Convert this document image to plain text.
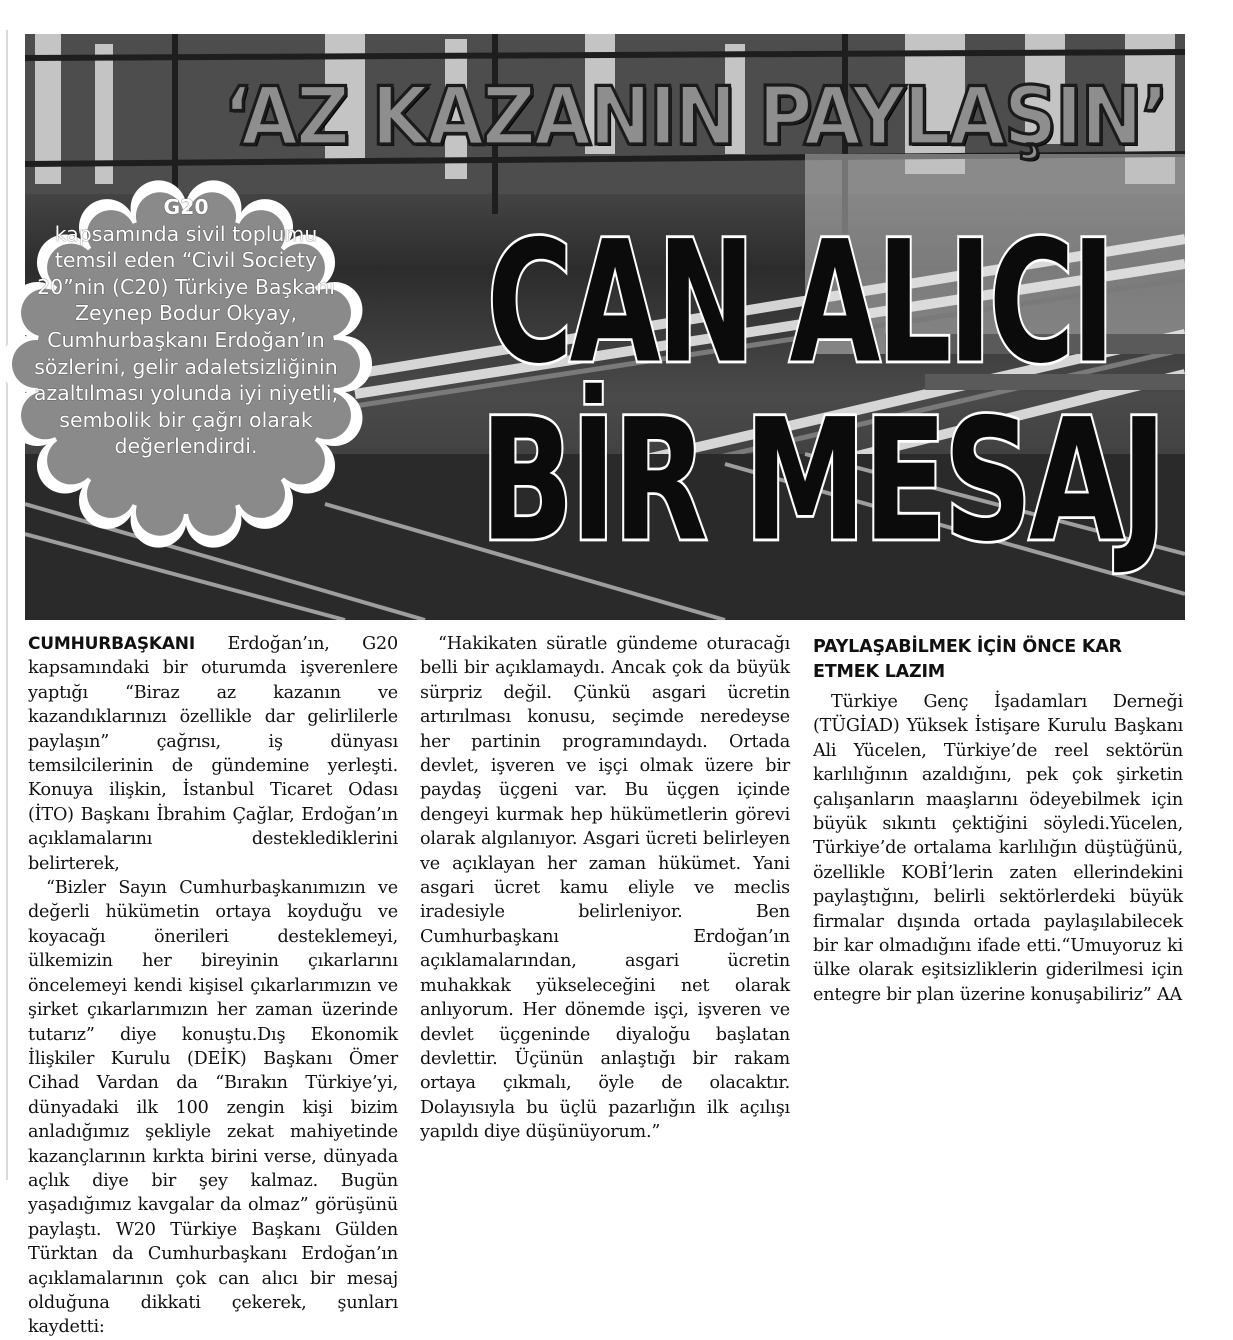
‘AZ KAZANIN PAYLAŞIN’
CAN ALICI
BİR MESAJ
G20
kapsamında sivil toplumu temsil eden “Civil Society 20”nin (C20) Türkiye Başkanı Zeynep Bodur Okyay, Cumhurbaşkanı Erdoğan’ın sözlerini, gelir adaletsizliğinin azaltılması yolunda iyi niyetli, sembolik bir çağrı olarak değerlendirdi.

CUMHURBAŞKANI Erdoğan’ın, G20 kapsamındaki bir oturumda işverenlere yaptığı “Biraz az kazanın ve kazandıklarınızı özellikle dar gelirlilerle paylaşın” çağrısı, iş dünyası temsilcilerinin de gündemine yerleşti. Konuya ilişkin, İstanbul Ticaret Odası (İTO) Başkanı İbrahim Çağlar, Erdoğan’ın açıklamalarını desteklediklerini belirterek,

“Bizler Sayın Cumhurbaşkanımızın ve değerli hükümetin ortaya koyduğu ve koyacağı önerileri desteklemeyi, ülkemizin her bireyinin çıkarlarını öncelemeyi kendi kişisel çıkarlarımızın ve şirket çıkarlarımızın her zaman üzerinde tutarız” diye konuştu.Dış Ekonomik İlişkiler Kurulu (DEİK) Başkanı Ömer Cihad Vardan da “Bırakın Türkiye’yi, dünyadaki ilk 100 zengin kişi bizim anladığımız şekliyle zekat mahiyetinde kazançlarının kırkta birini verse, dünyada açlık diye bir şey kalmaz. Bugün yaşadığımız kavgalar da olmaz” görüşünü paylaştı. W20 Türkiye Başkanı Gülden Türktan da Cumhurbaşkanı Erdoğan’ın açıklamalarının çok can alıcı bir mesaj olduğuna dikkati çekerek, şunları kaydetti:

“Hakikaten süratle gündeme oturacağı belli bir açıklamaydı. Ancak çok da büyük sürpriz değil. Çünkü asgari ücretin artırılması konusu, seçimde neredeyse her partinin programındaydı. Ortada devlet, işveren ve işçi olmak üzere bir paydaş üçgeni var. Bu üçgen içinde dengeyi kurmak hep hükümetlerin görevi olarak algılanıyor. Asgari ücreti belirleyen ve açıklayan her zaman hükümet. Yani asgari ücret kamu eliyle ve meclis iradesiyle belirleniyor. Ben Cumhurbaşkanı Erdoğan’ın açıklamalarından, asgari ücretin muhakkak yükseleceğini net olarak anlıyorum. Her dönemde işçi, işveren ve devlet üçgeninde diyaloğu başlatan devlettir. Üçünün anlaştığı bir rakam ortaya çıkmalı, öyle de olacaktır. Dolayısıyla bu üçlü pazarlığın ilk açılışı yapıldı diye düşünüyorum.”

PAYLAŞABİLMEK İÇİN ÖNCE KAR ETMEK LAZIM

Türkiye Genç İşadamları Derneği (TÜGİAD) Yüksek İstişare Kurulu Başkanı Ali Yücelen, Türkiye’de reel sektörün karlılığının azaldığını, pek çok şirketin çalışanların maaşlarını ödeyebilmek için büyük sıkıntı çektiğini söyledi.Yücelen, Türkiye’de ortalama karlılığın düştüğünü, özellikle KOBİ’lerin zaten ellerindekini paylaştığını, belirli sektörlerdeki büyük firmalar dışında ortada paylaşılabilecek bir kar olmadığını ifade etti.“Umuyoruz ki ülke olarak eşitsizliklerin giderilmesi için entegre bir plan üzerine konuşabiliriz” AA
